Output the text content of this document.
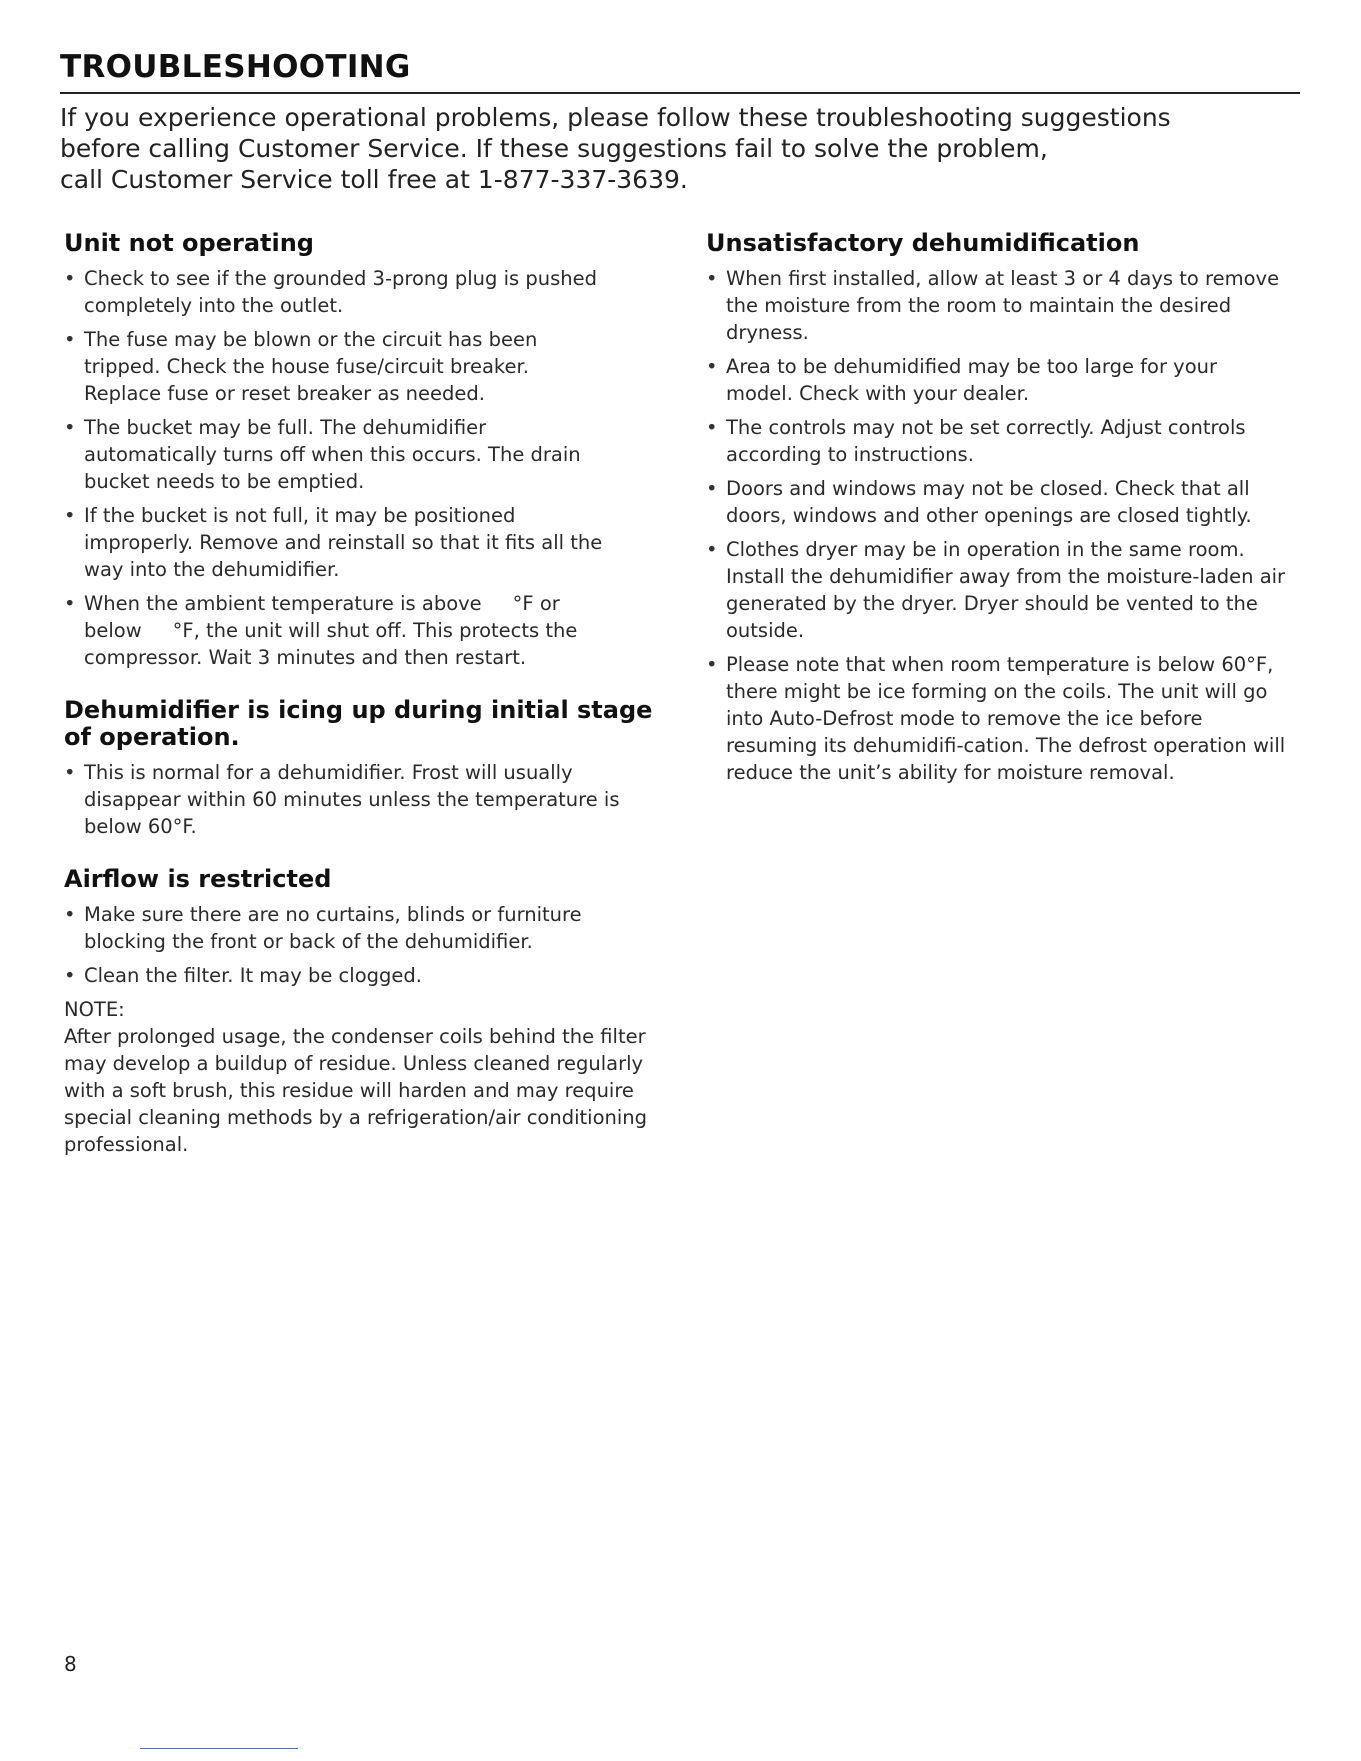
TROUBLESHOOTING

If you experience operational problems, please follow these troubleshooting suggestions
before calling Customer Service. If these suggestions fail to solve the problem,
call Customer Service toll free at 1-877-337-3639.

Unit not operating
• Check to see if the grounded 3-prong plug is pushed completely into the outlet.
• The fuse may be blown or the circuit has been tripped. Check the house fuse/circuit breaker. Replace fuse or reset breaker as needed.
• The bucket may be full. The dehumidifier automatically turns off when this occurs. The drain bucket needs to be emptied.
• If the bucket is not full, it may be positioned improperly. Remove and reinstall so that it fits all the way into the dehumidifier.
• When the ambient temperature is above     °F or below     °F, the unit will shut off. This protects the compressor. Wait 3 minutes and then restart.
Dehumidifier is icing up during initial stage of operation.
• This is normal for a dehumidifier. Frost will usually disappear within 60 minutes unless the temperature is below 60°F.
Airflow is restricted
• Make sure there are no curtains, blinds or furniture blocking the front or back of the dehumidifier.
• Clean the filter. It may be clogged.

NOTE:

After prolonged usage, the condenser coils behind the filter may develop a buildup of residue. Unless cleaned regularly with a soft brush, this residue will harden and may require special cleaning methods by a refrigeration/air conditioning professional.

Unsatisfactory dehumidification
• When first installed, allow at least 3 or 4 days to remove the moisture from the room to maintain the desired dryness.
• Area to be dehumidified may be too large for your model. Check with your dealer.
• The controls may not be set correctly. Adjust controls according to instructions.
• Doors and windows may not be closed. Check that all doors, windows and other openings are closed tightly.
• Clothes dryer may be in operation in the same room. Install the dehumidifier away from the moisture-laden air generated by the dryer. Dryer should be vented to the outside.
• Please note that when room temperature is below 60°F, there might be ice forming on the coils. The unit will go into Auto-Defrost mode to remove the ice before resuming its dehumidifi-cation. The defrost operation will reduce the unit’s ability for moisture removal.
8
